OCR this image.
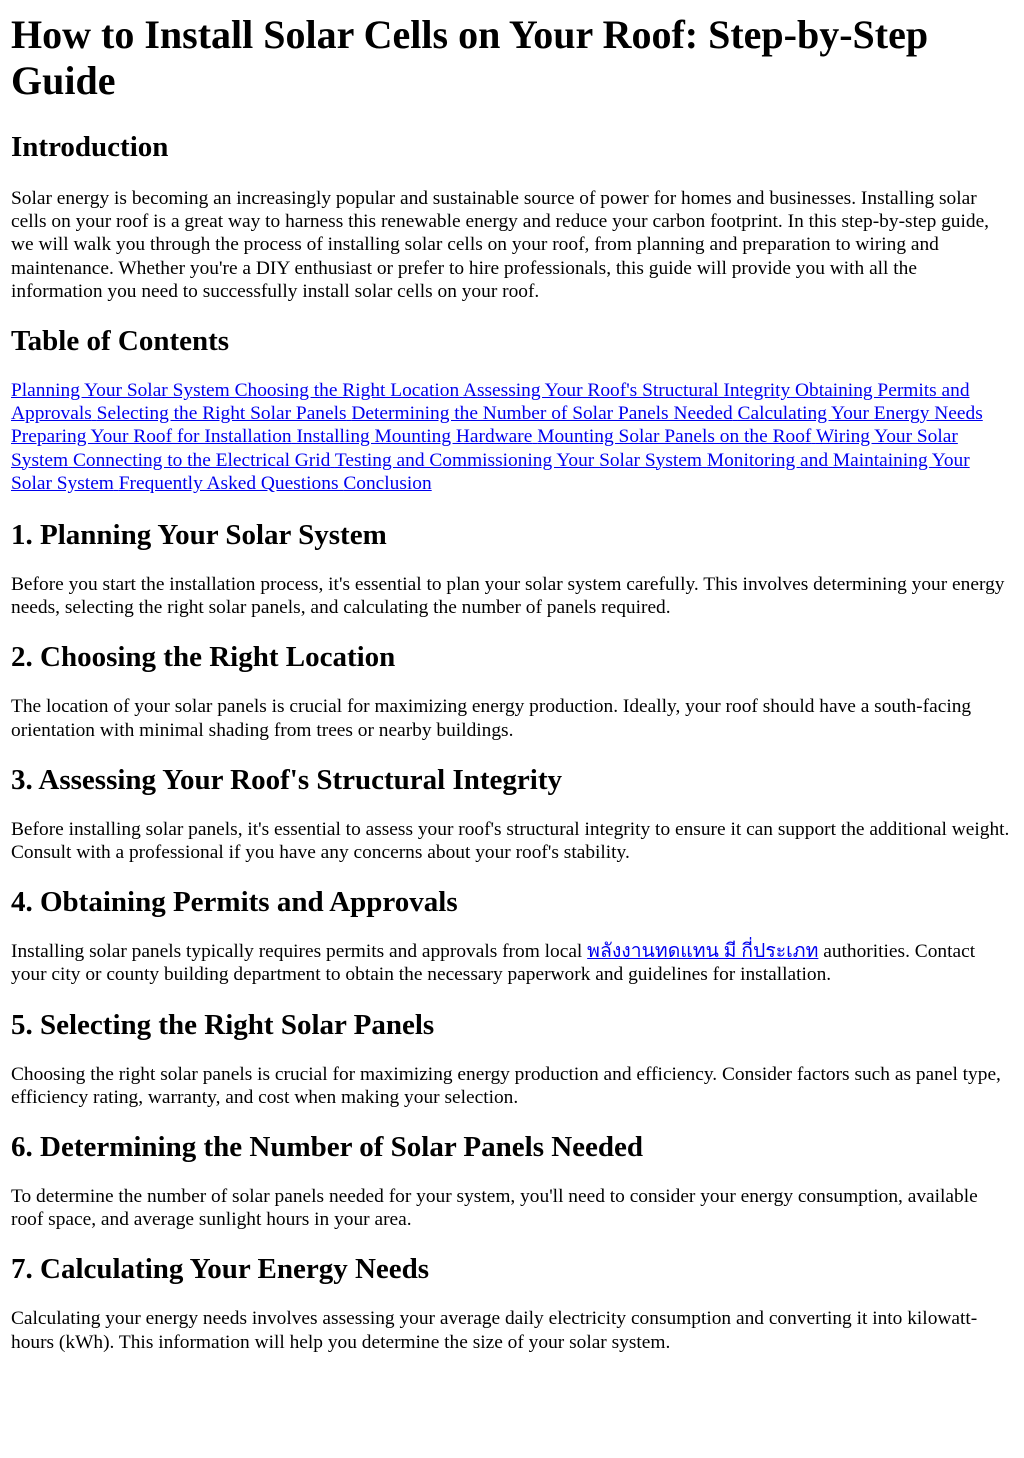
How to Install Solar Cells on Your Roof: Step-by-Step Guide
Introduction

Solar energy is becoming an increasingly popular and sustainable source of power for homes and businesses. Installing solar cells on your roof is a great way to harness this renewable energy and reduce your carbon footprint. In this step-by-step guide, we will walk you through the process of installing solar cells on your roof, from planning and preparation to wiring and maintenance. Whether you're a DIY enthusiast or prefer to hire professionals, this guide will provide you with all the information you need to successfully install solar cells on your roof.

Table of Contents

Planning Your Solar System Choosing the Right Location Assessing Your Roof's Structural Integrity Obtaining Permits and Approvals Selecting the Right Solar Panels Determining the Number of Solar Panels Needed Calculating Your Energy NeedsPreparing Your Roof for Installation Installing Mounting Hardware Mounting Solar Panels on the Roof Wiring Your Solar System Connecting to the Electrical Grid Testing and Commissioning Your Solar System Monitoring and Maintaining Your Solar System Frequently Asked Questions Conclusion

1. Planning Your Solar System

Before you start the installation process, it's essential to plan your solar system carefully. This involves determining your energy needs, selecting the right solar panels, and calculating the number of panels required.

2. Choosing the Right Location

The location of your solar panels is crucial for maximizing energy production. Ideally, your roof should have a south-facing orientation with minimal shading from trees or nearby buildings.

3. Assessing Your Roof's Structural Integrity

Before installing solar panels, it's essential to assess your roof's structural integrity to ensure it can support the additional weight. Consult with a professional if you have any concerns about your roof's stability.

4. Obtaining Permits and Approvals

Installing solar panels typically requires permits and approvals from local พลังงานทดแทน มี กี่ประเภท authorities. Contact your city or county building department to obtain the necessary paperwork and guidelines for installation.

5. Selecting the Right Solar Panels

Choosing the right solar panels is crucial for maximizing energy production and efficiency. Consider factors such as panel type, efficiency rating, warranty, and cost when making your selection.

6. Determining the Number of Solar Panels Needed

To determine the number of solar panels needed for your system, you'll need to consider your energy consumption, available roof space, and average sunlight hours in your area.

7. Calculating Your Energy Needs

Calculating your energy needs involves assessing your average daily electricity consumption and converting it into kilowatt-hours (kWh). This information will help you determine the size of your solar system.
